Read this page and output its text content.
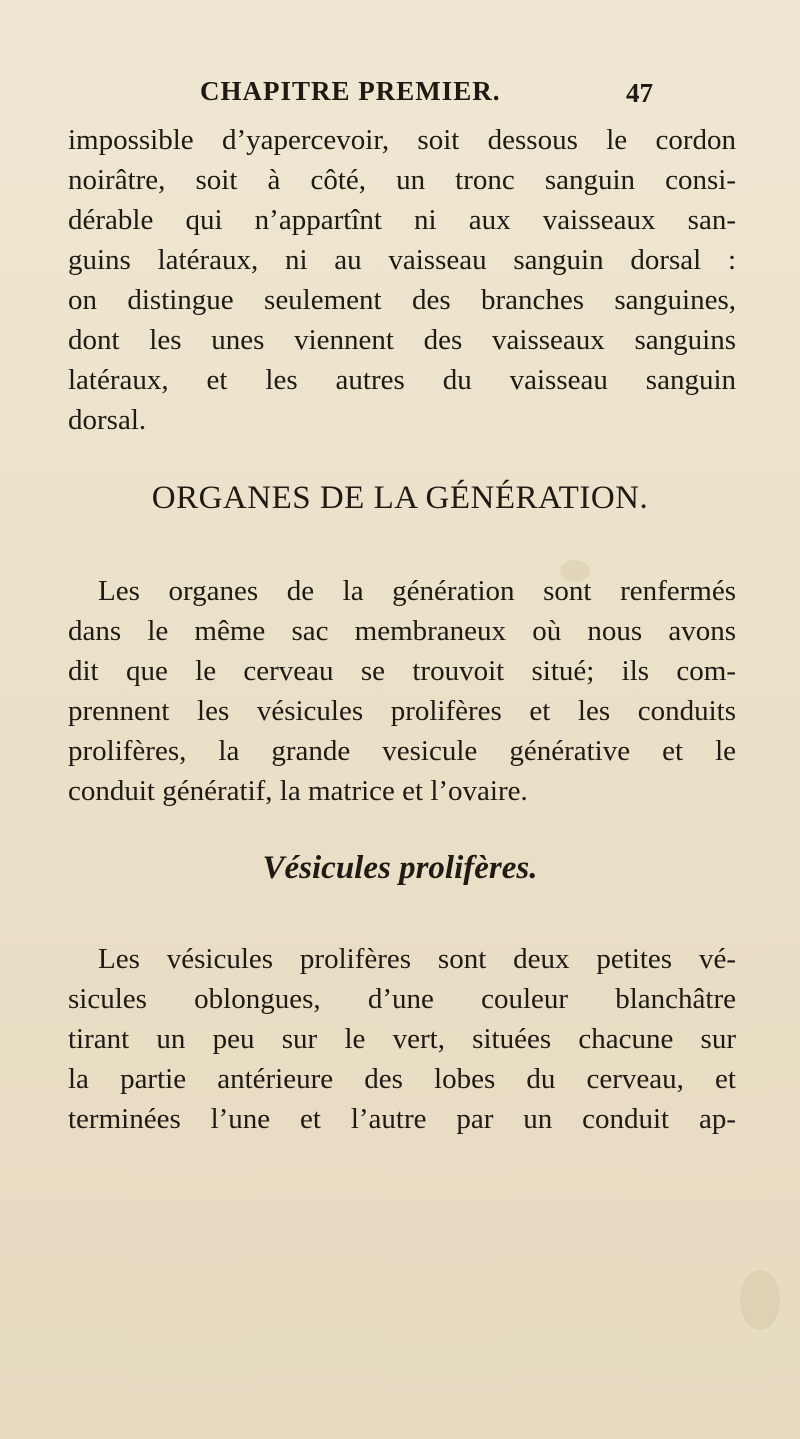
CHAPITRE PREMIER.	47
impossible d’yapercevoir, soit dessous le cordon
noirâtre, soit à côté, un tronc sanguin consi-
dérable qui n’appartînt ni aux vaisseaux san-
guins latéraux, ni au vaisseau sanguin dorsal :
on distingue seulement des branches sanguines,
dont les unes viennent des vaisseaux sanguins
latéraux, et les autres du vaisseau sanguin
dorsal.
ORGANES DE LA GÉNÉRATION.
Les organes de la génération sont renfermés
dans le même sac membraneux où nous avons
dit que le cerveau se trouvoit situé; ils com-
prennent les vésicules prolifères et les conduits
prolifères, la grande vesicule générative et le
conduit génératif, la matrice et l’ovaire.
Vésicules prolifères.
Les vésicules prolifères sont deux petites vé-
sicules oblongues, d’une couleur blanchâtre
tirant un peu sur le vert, situées chacune sur
la partie antérieure des lobes du cerveau, et
terminées l’une et l’autre par un conduit ap-
